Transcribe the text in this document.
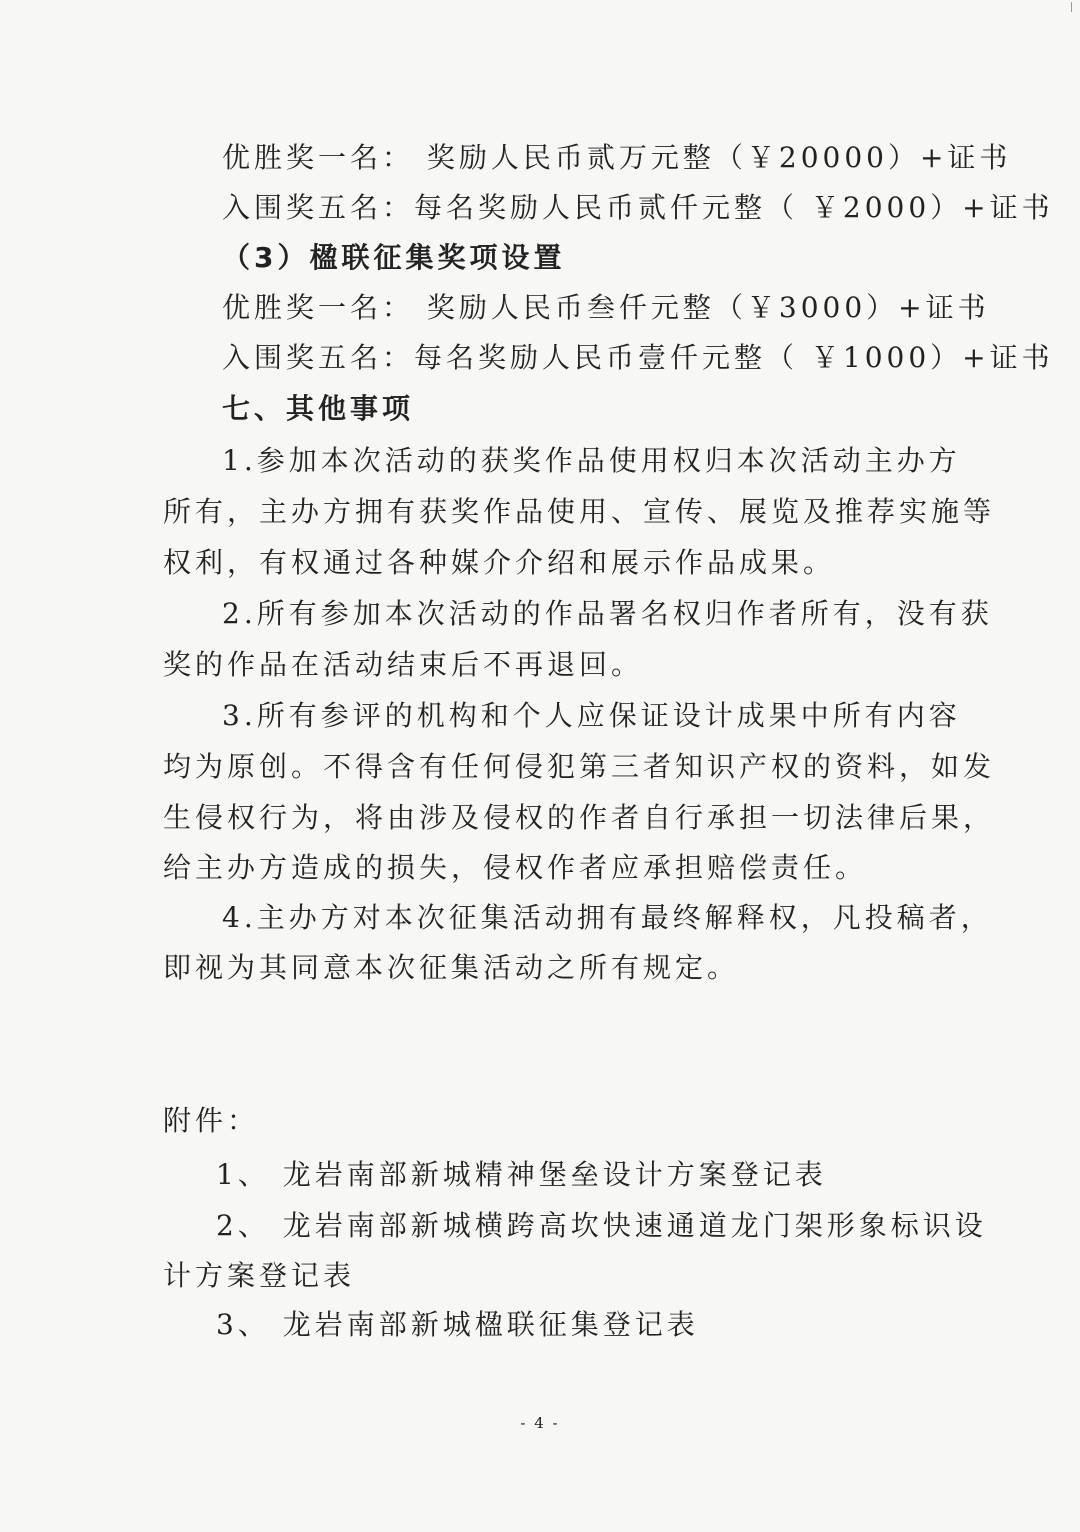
优胜奖一名： 奖励人民币贰万元整（￥20000）+证书
入围奖五名：每名奖励人民币贰仟元整（ ￥2000）+证书
（3）楹联征集奖项设置
优胜奖一名： 奖励人民币叁仟元整（￥3000）+证书
入围奖五名：每名奖励人民币壹仟元整（ ￥1000）+证书
七、其他事项
1.参加本次活动的获奖作品使用权归本次活动主办方
所有，主办方拥有获奖作品使用、宣传、展览及推荐实施等
权利，有权通过各种媒介介绍和展示作品成果。
2.所有参加本次活动的作品署名权归作者所有，没有获
奖的作品在活动结束后不再退回。
3.所有参评的机构和个人应保证设计成果中所有内容
均为原创。不得含有任何侵犯第三者知识产权的资料，如发
生侵权行为，将由涉及侵权的作者自行承担一切法律后果，
给主办方造成的损失，侵权作者应承担赔偿责任。
4.主办方对本次征集活动拥有最终解释权，凡投稿者，
即视为其同意本次征集活动之所有规定。
附件：
1、 龙岩南部新城精神堡垒设计方案登记表
2、 龙岩南部新城横跨高坎快速通道龙门架形象标识设
计方案登记表
3、 龙岩南部新城楹联征集登记表
- 4 -
